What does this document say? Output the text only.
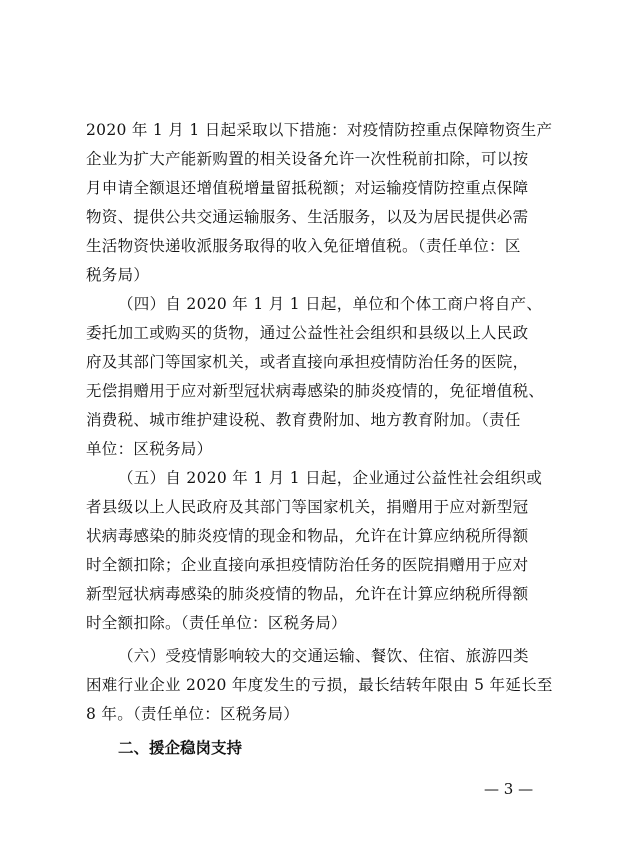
2020 年 1 月 1 日起采取以下措施：对疫情防控重点保障物资生产
企业为扩大产能新购置的相关设备允许一次性税前扣除，可以按
月申请全额退还增值税增量留抵税额；对运输疫情防控重点保障
物资、提供公共交通运输服务、生活服务，以及为居民提供必需
生活物资快递收派服务取得的收入免征增值税。（责任单位：区
税务局）
（四）自 2020 年 1 月 1 日起，单位和个体工商户将自产、
委托加工或购买的货物，通过公益性社会组织和县级以上人民政
府及其部门等国家机关，或者直接向承担疫情防治任务的医院，
无偿捐赠用于应对新型冠状病毒感染的肺炎疫情的，免征增值税、
消费税、城市维护建设税、教育费附加、地方教育附加。（责任
单位：区税务局）
（五）自 2020 年 1 月 1 日起，企业通过公益性社会组织或
者县级以上人民政府及其部门等国家机关，捐赠用于应对新型冠
状病毒感染的肺炎疫情的现金和物品，允许在计算应纳税所得额
时全额扣除；企业直接向承担疫情防治任务的医院捐赠用于应对
新型冠状病毒感染的肺炎疫情的物品，允许在计算应纳税所得额
时全额扣除。（责任单位：区税务局）
（六）受疫情影响较大的交通运输、餐饮、住宿、旅游四类
困难行业企业 2020 年度发生的亏损，最长结转年限由 5 年延长至
8 年。（责任单位：区税务局）
二、援企稳岗支持
— 3 —
